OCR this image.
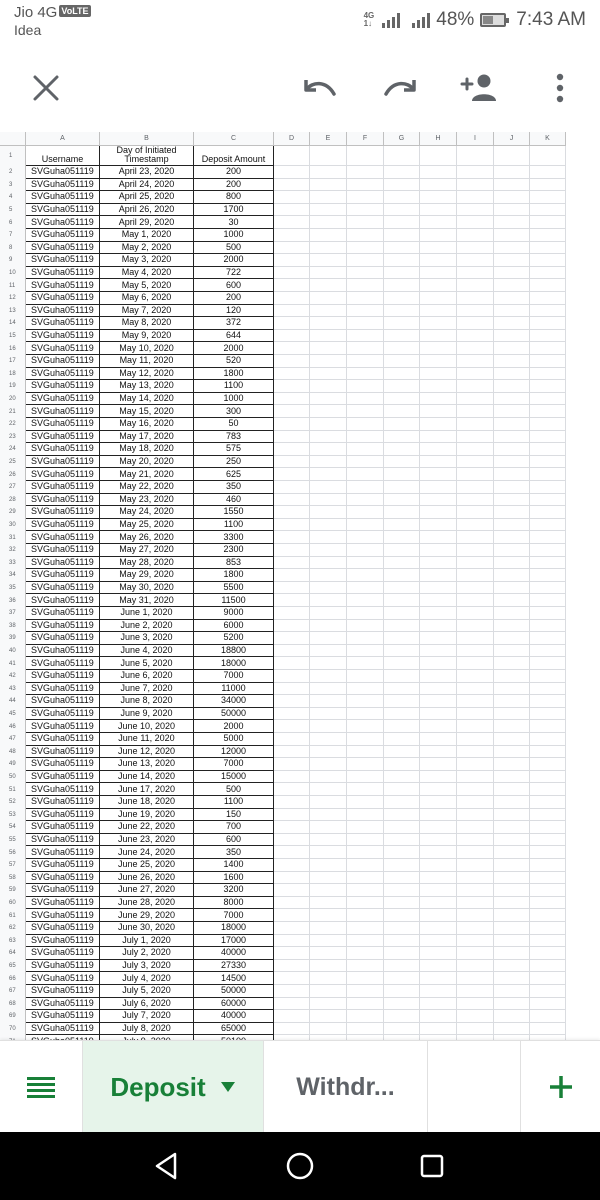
Jio 4G VoLTE
Idea
4G
1↓	48% 7:43 AM
A	B	C	D	E	F	G	H	I	J	K
1	Username
Day of Initiated
Timestamp	Deposit Amount
2	SVGuha051119	April 23, 2020	200
3	SVGuha051119	April 24, 2020	200
4	SVGuha051119	April 25, 2020	800
5	SVGuha051119	April 26, 2020	1700
6	SVGuha051119	April 29, 2020	30
7	SVGuha051119	May 1, 2020	1000
8	SVGuha051119	May 2, 2020	500
9	SVGuha051119	May 3, 2020	2000
10	SVGuha051119	May 4, 2020	722
11	SVGuha051119	May 5, 2020	600
12	SVGuha051119	May 6, 2020	200
13	SVGuha051119	May 7, 2020	120
14	SVGuha051119	May 8, 2020	372
15	SVGuha051119	May 9, 2020	644
16	SVGuha051119	May 10, 2020	2000
17	SVGuha051119	May 11, 2020	520
18	SVGuha051119	May 12, 2020	1800
19	SVGuha051119	May 13, 2020	1100
20	SVGuha051119	May 14, 2020	1000
21	SVGuha051119	May 15, 2020	300
22	SVGuha051119	May 16, 2020	50
23	SVGuha051119	May 17, 2020	783
24	SVGuha051119	May 18, 2020	575
25	SVGuha051119	May 20, 2020	250
26	SVGuha051119	May 21, 2020	625
27	SVGuha051119	May 22, 2020	350
28	SVGuha051119	May 23, 2020	460
29	SVGuha051119	May 24, 2020	1550
30	SVGuha051119	May 25, 2020	1100
31	SVGuha051119	May 26, 2020	3300
32	SVGuha051119	May 27, 2020	2300
33	SVGuha051119	May 28, 2020	853
34	SVGuha051119	May 29, 2020	1800
35	SVGuha051119	May 30, 2020	5500
36	SVGuha051119	May 31, 2020	11500
37	SVGuha051119	June 1, 2020	9000
38	SVGuha051119	June 2, 2020	6000
39	SVGuha051119	June 3, 2020	5200
40	SVGuha051119	June 4, 2020	18800
41	SVGuha051119	June 5, 2020	18000
42	SVGuha051119	June 6, 2020	7000
43	SVGuha051119	June 7, 2020	11000
44	SVGuha051119	June 8, 2020	34000
45	SVGuha051119	June 9, 2020	50000
46	SVGuha051119	June 10, 2020	2000
47	SVGuha051119	June 11, 2020	5000
48	SVGuha051119	June 12, 2020	12000
49	SVGuha051119	June 13, 2020	7000
50	SVGuha051119	June 14, 2020	15000
51	SVGuha051119	June 17, 2020	500
52	SVGuha051119	June 18, 2020	1100
53	SVGuha051119	June 19, 2020	150
54	SVGuha051119	June 22, 2020	700
55	SVGuha051119	June 23, 2020	600
56	SVGuha051119	June 24, 2020	350
57	SVGuha051119	June 25, 2020	1400
58	SVGuha051119	June 26, 2020	1600
59	SVGuha051119	June 27, 2020	3200
60	SVGuha051119	June 28, 2020	8000
61	SVGuha051119	June 29, 2020	7000
62	SVGuha051119	June 30, 2020	18000
63	SVGuha051119	July 1, 2020	17000
64	SVGuha051119	July 2, 2020	40000
65	SVGuha051119	July 3, 2020	27330
66	SVGuha051119	July 4, 2020	14500
67	SVGuha051119	July 5, 2020	50000
68	SVGuha051119	July 6, 2020	60000
69	SVGuha051119	July 7, 2020	40000
70	SVGuha051119	July 8, 2020	65000
Deposit	Withdr...
